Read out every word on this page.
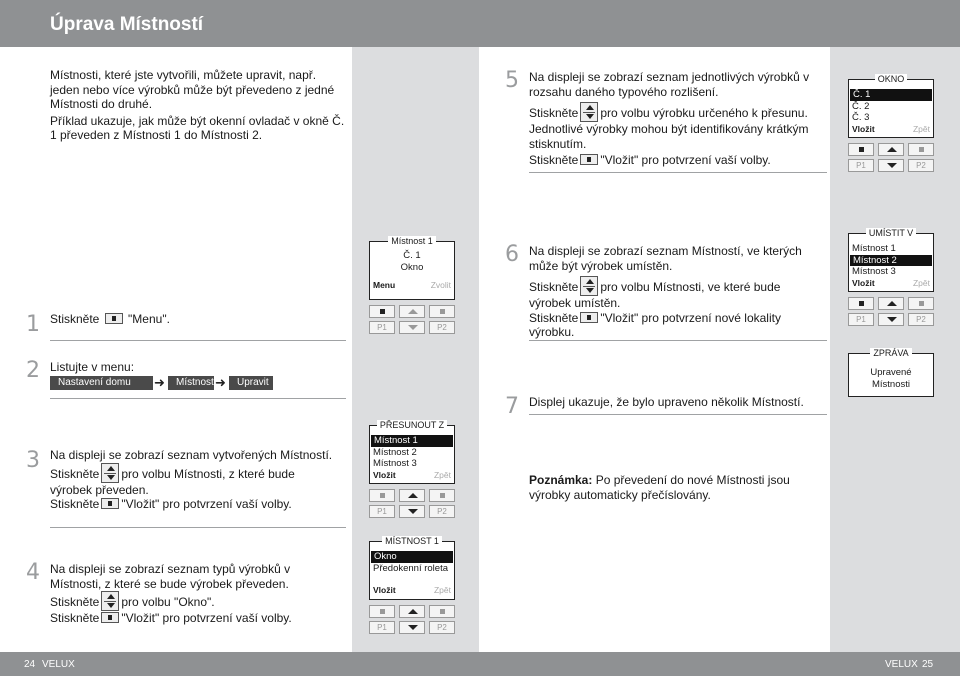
Úprava Místností

Místnosti, které jste vytvořili, můžete upravit, např. jeden nebo více výrobků může být převedeno z jedné Místnosti do druhé.

Příklad ukazuje, jak může být okenní ovladač v okně Č. 1 převeden z Místnosti 1 do Místnosti 2.

1 Stiskněte "Menu".
2 Listujte v menu:
Nastavení domu	➜	Místnost ➜	Upravit
3 Na displeji se zobrazí seznam vytvořených Místností.

Stiskněte pro volbu Místnosti, z které bude výrobek převeden.

Stiskněte "Vložit" pro potvrzení vaší volby.

4 Na displeji se zobrazí seznam typů výrobků v Místnosti, z které se bude výrobek převeden.

Stiskněte pro volbu "Okno".

Stiskněte "Vložit" pro potvrzení vaší volby.

5 Na displeji se zobrazí seznam jednotlivých výrobků v rozsahu daného typového rozlišení.

Stiskněte pro volbu výrobku určeného k přesunu. Jednotlivé výrobky mohou být identifikovány krátkým stisknutím.

Stiskněte "Vložit" pro potvrzení vaší volby.

6 Na displeji se zobrazí seznam Místností, ve kterých může být výrobek umístěn.

Stiskněte pro volbu Místnosti, ve které bude výrobek umístěn.

Stiskněte "Vložit" pro potvrzení nové lokality výrobku.

7 Displej ukazuje, že bylo upraveno několik Místností.
Poznámka: Po převedení do nové Místnosti jsou výrobky automaticky přečíslovány.
Místnost 1
Č. 1
Okno
Menu	Zvolit
P1	P2
PŘESUNOUT Z
Místnost 1
Místnost 2
Místnost 3
Vložit	Zpět
P1	P2
MÍSTNOST 1
Okno
Předokenní roleta
Vložit	Zpět
P1	P2
OKNO
Č. 1
Č. 2
Č. 3
Vložit	Zpět
P1	P2
UMÍSTIT V
Místnost 1
Místnost 2
Místnost 3
Vložit	Zpět
P1	P2
ZPRÁVA
Upravené
Místnosti
24 VELUX	VELUX 25
